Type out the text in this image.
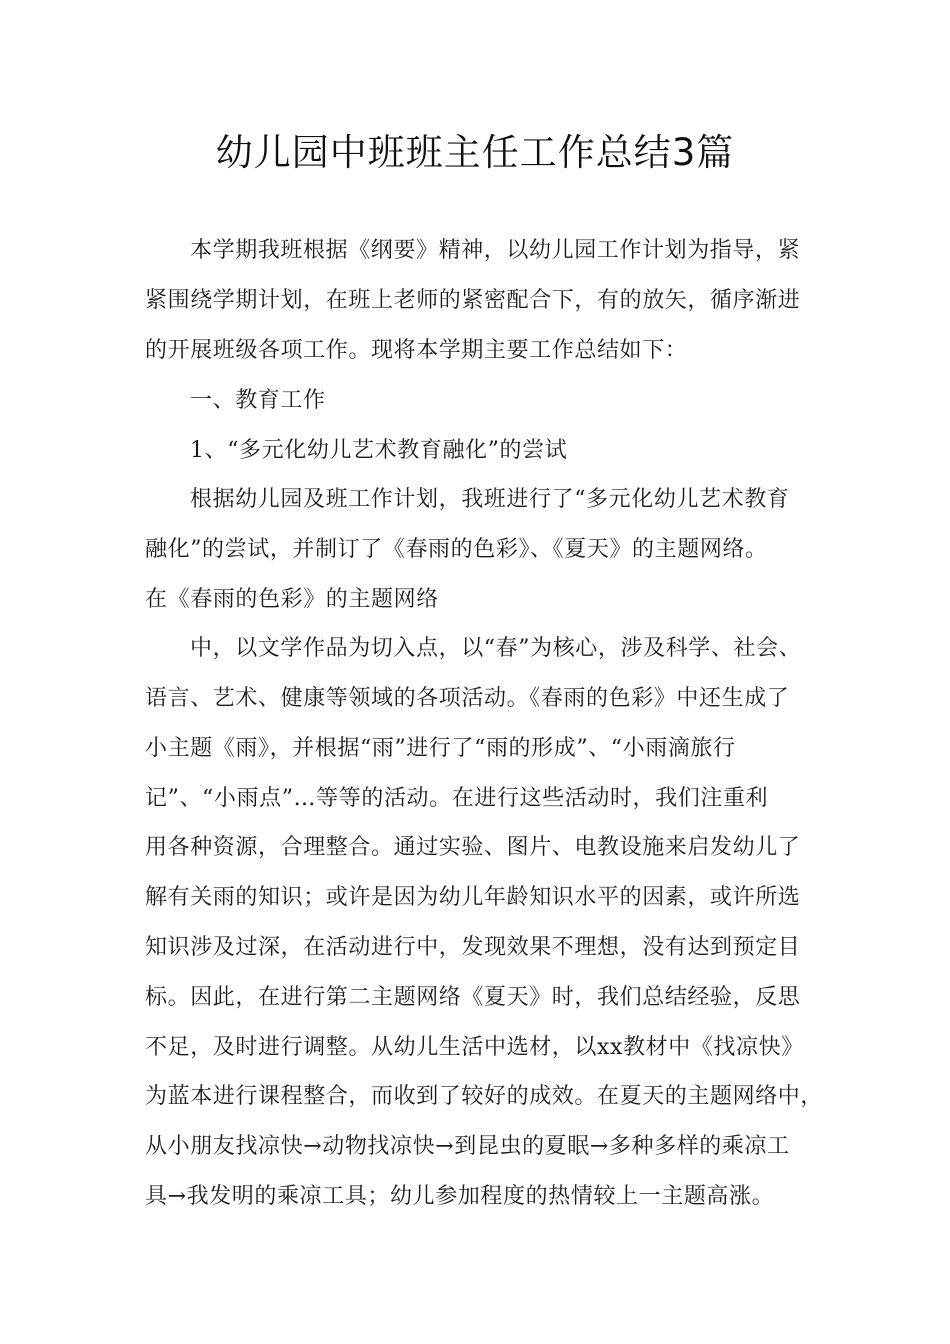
幼儿园中班班主任工作总结3篇
本学期我班根据《纲要》精神，以幼儿园工作计划为指导，紧
紧围绕学期计划，在班上老师的紧密配合下，有的放矢，循序渐进
的开展班级各项工作。现将本学期主要工作总结如下：
一、教育工作
1、“多元化幼儿艺术教育融化”的尝试
根据幼儿园及班工作计划，我班进行了“多元化幼儿艺术教育
融化”的尝试，并制订了《春雨的色彩》、《夏天》的主题网络。
在《春雨的色彩》的主题网络
中，以文学作品为切入点，以“春”为核心，涉及科学、社会、
语言、艺术、健康等领域的各项活动。《春雨的色彩》中还生成了
小主题《雨》，并根据“雨”进行了“雨的形成”、“小雨滴旅行
记”、“小雨点”…等等的活动。在进行这些活动时，我们注重利
用各种资源，合理整合。通过实验、图片、电教设施来启发幼儿了
解有关雨的知识；或许是因为幼儿年龄知识水平的因素，或许所选
知识涉及过深，在活动进行中，发现效果不理想，没有达到预定目
标。因此，在进行第二主题网络《夏天》时，我们总结经验，反思
不足，及时进行调整。从幼儿生活中选材，以xx教材中《找凉快》
为蓝本进行课程整合，而收到了较好的成效。在夏天的主题网络中，
从小朋友找凉快→动物找凉快→到昆虫的夏眠→多种多样的乘凉工
具→我发明的乘凉工具；幼儿参加程度的热情较上一主题高涨。
